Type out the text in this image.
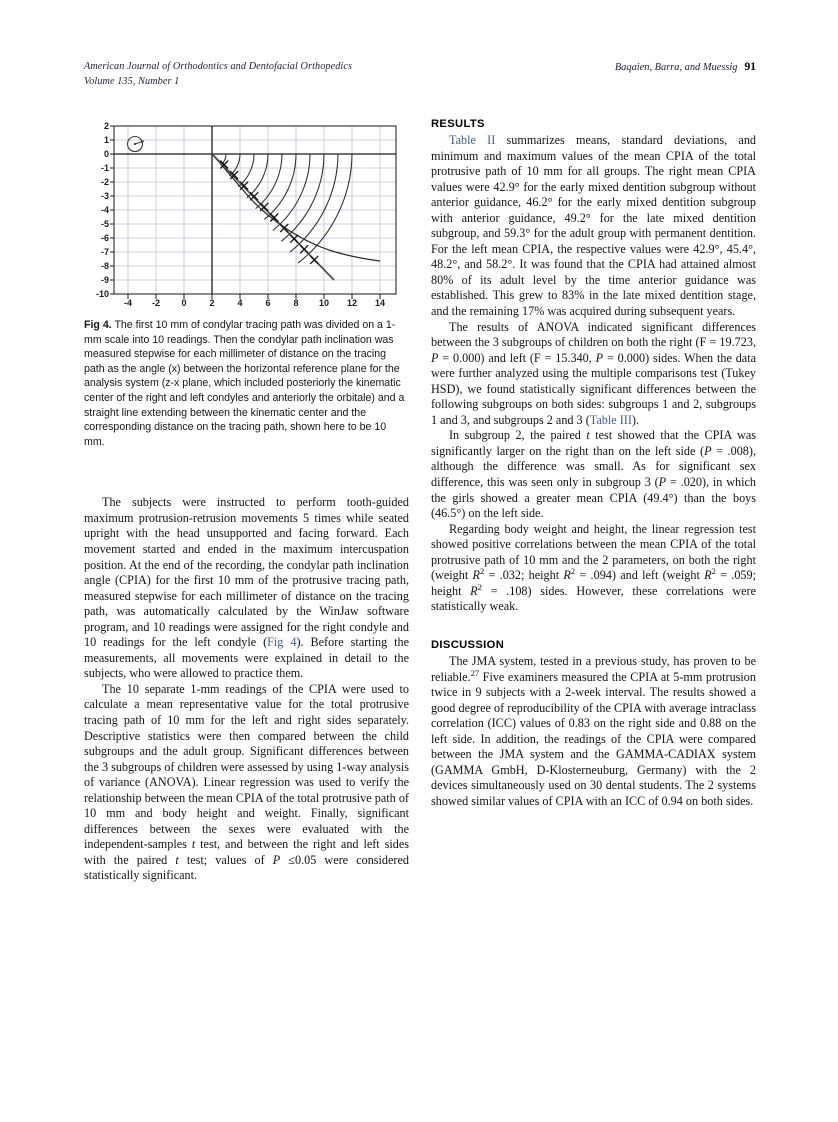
American Journal of Orthodontics and Dentofacial Orthopedics
Volume 135, Number 1
Baqaien, Barra, and Muessig 91
2
1
0
-1
-2
-3
-4
-5
-6
-7
-8
-9
-10
-4 -2 0	2	4	6	8 10 12 14
Fig 4. The first 10 mm of condylar tracing path was divided on a 1-mm scale into 10 readings. Then the condylar path inclination was measured stepwise for each millimeter of distance on the tracing path as the angle (x) between the horizontal reference plane for the analysis system (z-x plane, which included posteriorly the kinematic center of the right and left condyles and anteriorly the orbitale) and a straight line extending between the kinematic center and the corresponding distance on the tracing path, shown here to be 10 mm.

The subjects were instructed to perform tooth-guided maximum protrusion-retrusion movements 5 times while seated upright with the head unsupported and facing forward. Each movement started and ended in the maximum intercuspation position. At the end of the recording, the condylar path inclination angle (CPIA) for the first 10 mm of the protrusive tracing path, measured stepwise for each millimeter of distance on the tracing path, was automatically calculated by the WinJaw software program, and 10 readings were assigned for the right condyle and 10 readings for the left condyle (Fig 4). Before starting the measurements, all movements were explained in detail to the subjects, who were allowed to practice them.

The 10 separate 1-mm readings of the CPIA were used to calculate a mean representative value for the total protrusive tracing path of 10 mm for the left and right sides separately. Descriptive statistics were then compared between the child subgroups and the adult group. Significant differences between the 3 subgroups of children were assessed by using 1-way analysis of variance (ANOVA). Linear regression was used to verify the relationship between the mean CPIA of the total protrusive path of 10 mm and body height and weight. Finally, significant differences between the sexes were evaluated with the independent-samples t test, and between the right and left sides with the paired t test; values of P ≤0.05 were considered statistically significant.

RESULTS

Table II summarizes means, standard deviations, and minimum and maximum values of the mean CPIA of the total protrusive path of 10 mm for all groups. The right mean CPIA values were 42.9° for the early mixed dentition subgroup without anterior guidance, 46.2° for the early mixed dentition subgroup with anterior guidance, 49.2° for the late mixed dentition subgroup, and 59.3° for the adult group with permanent dentition. For the left mean CPIA, the respective values were 42.9°, 45.4°, 48.2°, and 58.2°. It was found that the CPIA had attained almost 80% of its adult level by the time anterior guidance was established. This grew to 83% in the late mixed dentition stage, and the remaining 17% was acquired during subsequent years.

The results of ANOVA indicated significant differences between the 3 subgroups of children on both the right (F = 19.723, P = 0.000) and left (F = 15.340, P = 0.000) sides. When the data were further analyzed using the multiple comparisons test (Tukey HSD), we found statistically significant differences between the following subgroups on both sides: subgroups 1 and 2, subgroups 1 and 3, and subgroups 2 and 3 (Table III).

In subgroup 2, the paired t test showed that the CPIA was significantly larger on the right than on the left side (P = .008), although the difference was small. As for significant sex difference, this was seen only in subgroup 3 (P = .020), in which the girls showed a greater mean CPIA (49.4°) than the boys (46.5°) on the left side.

Regarding body weight and height, the linear regression test showed positive correlations between the mean CPIA of the total protrusive path of 10 mm and the 2 parameters, on both the right (weight $R^2 = .032$; height $R^2 = .094$) and left (weight $R^2 = .059$; height $R^2 = .108$) sides. However, these correlations were statistically weak.

DISCUSSION

The JMA system, tested in a previous study, has proven to be reliable.$^{27}$ Five examiners measured the CPIA at 5-mm protrusion twice in 9 subjects with a 2-week interval. The results showed a good degree of reproducibility of the CPIA with average intraclass correlation (ICC) values of 0.83 on the right side and 0.88 on the left side. In addition, the readings of the CPIA were compared between the JMA system and the GAMMA-CADIAX system (GAMMA GmbH, D-Klosterneuburg, Germany) with the 2 devices simultaneously used on 30 dental students. The 2 systems showed similar values of CPIA with an ICC of 0.94 on both sides.
